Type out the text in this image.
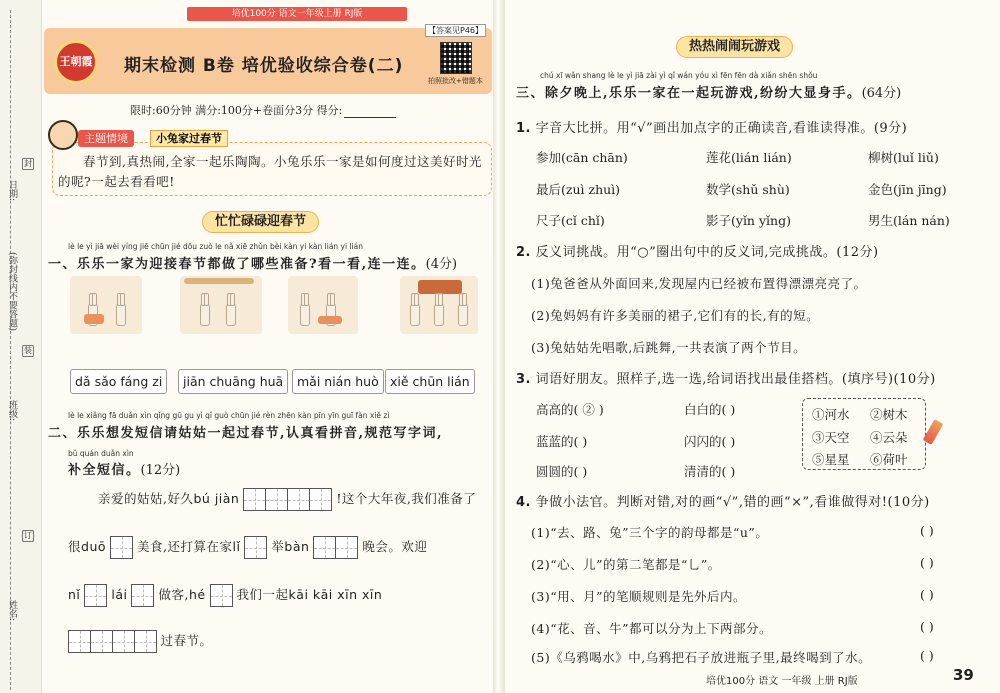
日期:
(弥封线内不要答题)
班级:
姓名:
封
装
订
培优100分 语文一年级上册 RJ版
王朝霞	期末检测 B卷 培优验收综合卷(二)
【答案见P46】
拍照批改+错题本
限时:60分钟 满分:100分+卷面分3分 得分:
主题情境	小兔家过春节
春节到,真热闹,全家一起乐陶陶。小兔乐乐一家是如何度过这美好时光的呢?一起去看看吧!
忙忙碌碌迎春节
lè le yì jiā wèi yíng jiē chūn jié dōu zuò le nǎ xiē zhǔn bèi kàn yi kàn lián yi lián
一、乐乐一家为迎接春节都做了哪些准备?看一看,连一连。(4分)
dǎ sǎo fáng zi	jiān chuāng huā	mǎi nián huò xiě chūn lián
lè le xiǎng fā duǎn xìn qǐng gū gu yì qǐ guò chūn jié rèn zhēn kàn pīn yīn guī fàn xiě zì
二、乐乐想发短信请姑姑一起过春节,认真看拼音,规范写字词,
bǔ quán duǎn xìn
补全短信。(12分)
亲爱的姑姑,好久bú jiàn	!这个大年夜,我们准备了
很duō 美食,还打算在家lǐ 举bàn	晚会。欢迎
nǐ lái 做客,hé 我们一起kāi kāi xīn xīn
过春节。
热热闹闹玩游戏
chú xī wǎn shang lè le yì jiā zài yì qǐ wán yóu xì fēn fēn dà xiǎn shēn shǒu
三、除夕晚上,乐乐一家在一起玩游戏,纷纷大显身手。(64分)
1. 字音大比拼。用“√”画出加点字的正确读音,看谁读得准。(9分)
参加(cān chān)	莲花(lián lián)	柳树(luǐ liǔ)
最后(zuì zhuì)	数学(shǔ shù)	金色(jīn jīng)
尺子(cǐ chǐ)	影子(yǐn yǐng)	男生(lán nán)
2. 反义词挑战。用“○”圈出句中的反义词,完成挑战。(12分)
(1)兔爸爸从外面回来,发现屋内已经被布置得漂漂亮亮了。
(2)兔妈妈有许多美丽的裙子,它们有的长,有的短。
(3)兔姑姑先唱歌,后跳舞,一共表演了两个节目。
3. 词语好朋友。照样子,选一选,给词语找出最佳搭档。(填序号)(10分)
高高的( ② )	白白的( )
蓝蓝的( )	闪闪的( )
圆圆的( )	清清的( )
①河水 ②树木
③天空 ④云朵
⑤星星 ⑥荷叶
4. 争做小法官。判断对错,对的画“√”,错的画“×”,看谁做得对!(10分)
(1)“去、路、兔”三个字的韵母都是“u”。	( )
(2)“心、儿”的第二笔都是“乚”。	( )
(3)“用、月”的笔顺规则是先外后内。	( )
(4)“花、音、牛”都可以分为上下两部分。	( )
(5)《乌鸦喝水》中,乌鸦把石子放进瓶子里,最终喝到了水。	( )
培优100分 语文 一年级 上册 RJ版	39
